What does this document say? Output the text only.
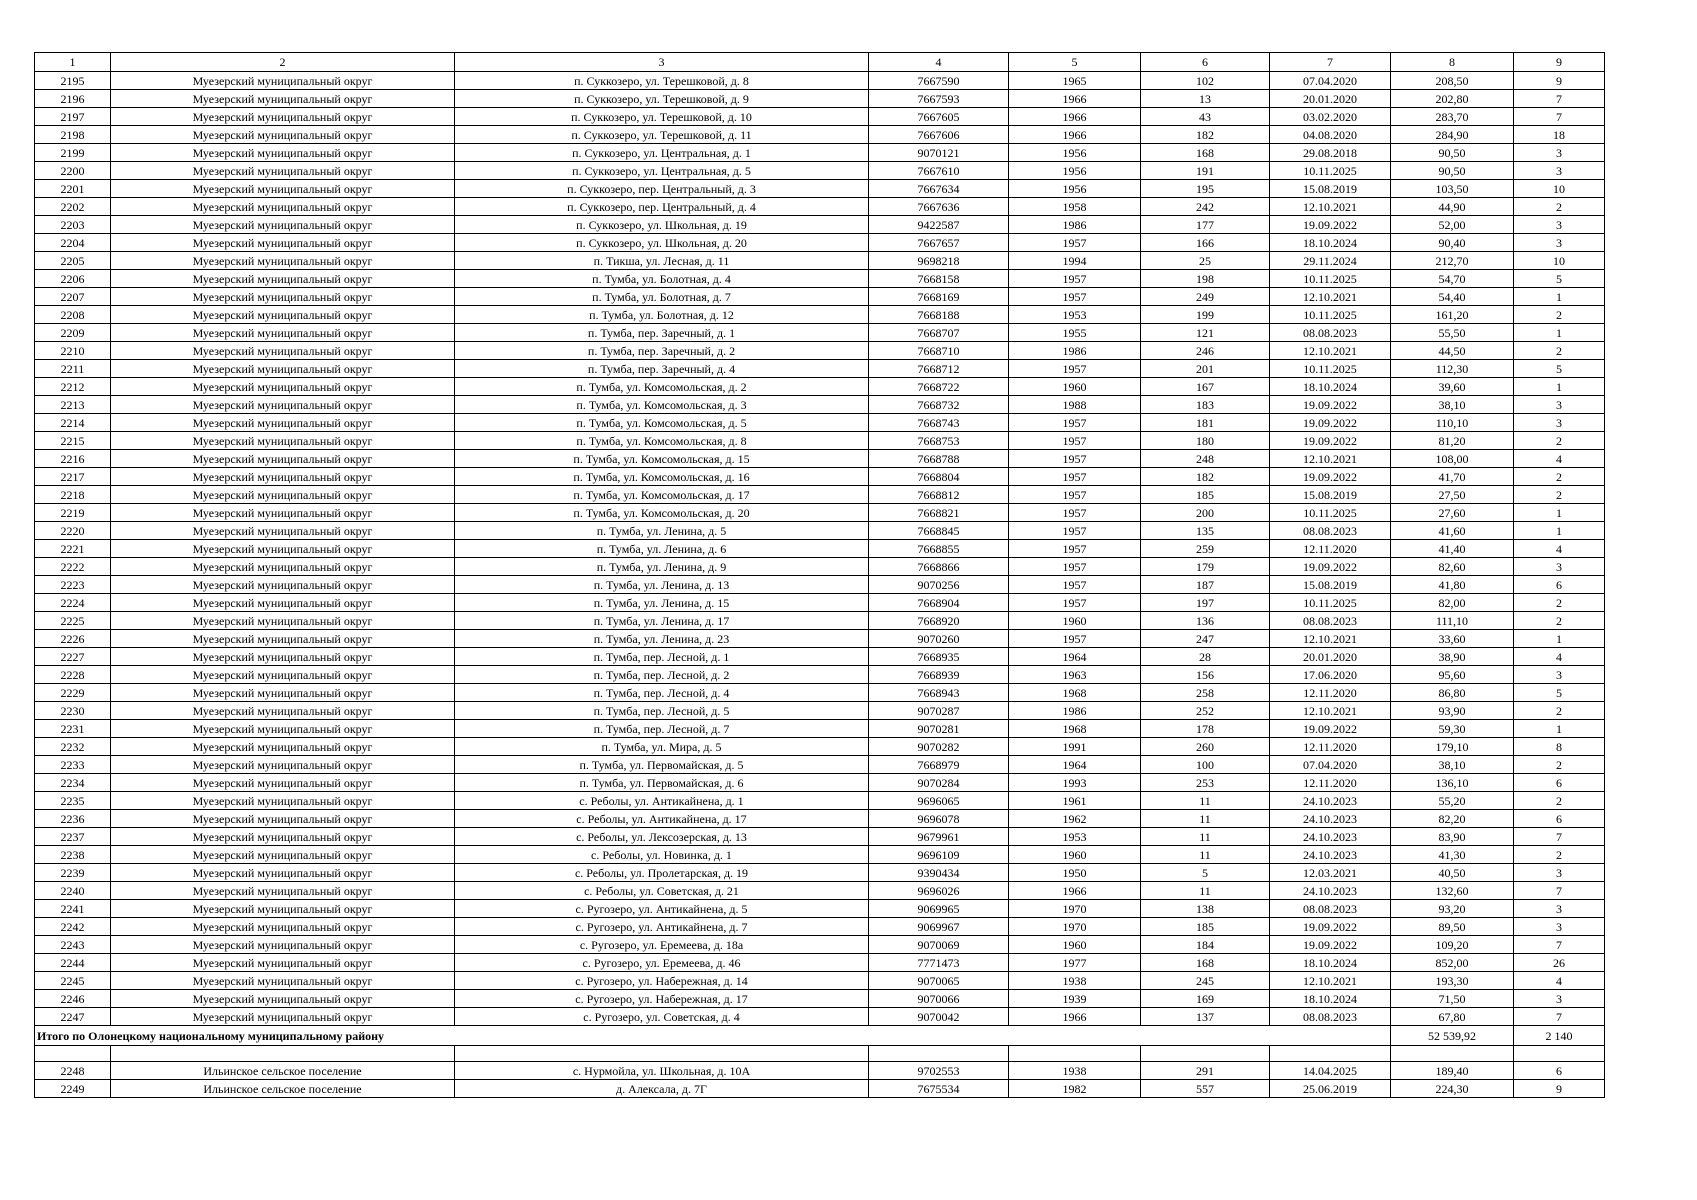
1	2	3	4	5	6	7	8	9
2195	Муезерский муниципальный округ	п. Суккозеро, ул. Терешковой, д. 8	7667590	1965	102	07.04.2020	208,50	9
2196	Муезерский муниципальный округ	п. Суккозеро, ул. Терешковой, д. 9	7667593	1966	13	20.01.2020	202,80	7
2197	Муезерский муниципальный округ	п. Суккозеро, ул. Терешковой, д. 10	7667605	1966	43	03.02.2020	283,70	7
2198	Муезерский муниципальный округ	п. Суккозеро, ул. Терешковой, д. 11	7667606	1966	182	04.08.2020	284,90	18
2199	Муезерский муниципальный округ	п. Суккозеро, ул. Центральная, д. 1	9070121	1956	168	29.08.2018	90,50	3
2200	Муезерский муниципальный округ	п. Суккозеро, ул. Центральная, д. 5	7667610	1956	191	10.11.2025	90,50	3
2201	Муезерский муниципальный округ	п. Суккозеро, пер. Центральный, д. 3	7667634	1956	195	15.08.2019	103,50	10
2202	Муезерский муниципальный округ	п. Суккозеро, пер. Центральный, д. 4	7667636	1958	242	12.10.2021	44,90	2
2203	Муезерский муниципальный округ	п. Суккозеро, ул. Школьная, д. 19	9422587	1986	177	19.09.2022	52,00	3
2204	Муезерский муниципальный округ	п. Суккозеро, ул. Школьная, д. 20	7667657	1957	166	18.10.2024	90,40	3
2205	Муезерский муниципальный округ	п. Тикша, ул. Лесная, д. 11	9698218	1994	25	29.11.2024	212,70	10
2206	Муезерский муниципальный округ	п. Тумба, ул. Болотная, д. 4	7668158	1957	198	10.11.2025	54,70	5
2207	Муезерский муниципальный округ	п. Тумба, ул. Болотная, д. 7	7668169	1957	249	12.10.2021	54,40	1
2208	Муезерский муниципальный округ	п. Тумба, ул. Болотная, д. 12	7668188	1953	199	10.11.2025	161,20	2
2209	Муезерский муниципальный округ	п. Тумба, пер. Заречный, д. 1	7668707	1955	121	08.08.2023	55,50	1
2210	Муезерский муниципальный округ	п. Тумба, пер. Заречный, д. 2	7668710	1986	246	12.10.2021	44,50	2
2211	Муезерский муниципальный округ	п. Тумба, пер. Заречный, д. 4	7668712	1957	201	10.11.2025	112,30	5
2212	Муезерский муниципальный округ	п. Тумба, ул. Комсомольская, д. 2	7668722	1960	167	18.10.2024	39,60	1
2213	Муезерский муниципальный округ	п. Тумба, ул. Комсомольская, д. 3	7668732	1988	183	19.09.2022	38,10	3
2214	Муезерский муниципальный округ	п. Тумба, ул. Комсомольская, д. 5	7668743	1957	181	19.09.2022	110,10	3
2215	Муезерский муниципальный округ	п. Тумба, ул. Комсомольская, д. 8	7668753	1957	180	19.09.2022	81,20	2
2216	Муезерский муниципальный округ	п. Тумба, ул. Комсомольская, д. 15	7668788	1957	248	12.10.2021	108,00	4
2217	Муезерский муниципальный округ	п. Тумба, ул. Комсомольская, д. 16	7668804	1957	182	19.09.2022	41,70	2
2218	Муезерский муниципальный округ	п. Тумба, ул. Комсомольская, д. 17	7668812	1957	185	15.08.2019	27,50	2
2219	Муезерский муниципальный округ	п. Тумба, ул. Комсомольская, д. 20	7668821	1957	200	10.11.2025	27,60	1
2220	Муезерский муниципальный округ	п. Тумба, ул. Ленина, д. 5	7668845	1957	135	08.08.2023	41,60	1
2221	Муезерский муниципальный округ	п. Тумба, ул. Ленина, д. 6	7668855	1957	259	12.11.2020	41,40	4
2222	Муезерский муниципальный округ	п. Тумба, ул. Ленина, д. 9	7668866	1957	179	19.09.2022	82,60	3
2223	Муезерский муниципальный округ	п. Тумба, ул. Ленина, д. 13	9070256	1957	187	15.08.2019	41,80	6
2224	Муезерский муниципальный округ	п. Тумба, ул. Ленина, д. 15	7668904	1957	197	10.11.2025	82,00	2
2225	Муезерский муниципальный округ	п. Тумба, ул. Ленина, д. 17	7668920	1960	136	08.08.2023	111,10	2
2226	Муезерский муниципальный округ	п. Тумба, ул. Ленина, д. 23	9070260	1957	247	12.10.2021	33,60	1
2227	Муезерский муниципальный округ	п. Тумба, пер. Лесной, д. 1	7668935	1964	28	20.01.2020	38,90	4
2228	Муезерский муниципальный округ	п. Тумба, пер. Лесной, д. 2	7668939	1963	156	17.06.2020	95,60	3
2229	Муезерский муниципальный округ	п. Тумба, пер. Лесной, д. 4	7668943	1968	258	12.11.2020	86,80	5
2230	Муезерский муниципальный округ	п. Тумба, пер. Лесной, д. 5	9070287	1986	252	12.10.2021	93,90	2
2231	Муезерский муниципальный округ	п. Тумба, пер. Лесной, д. 7	9070281	1968	178	19.09.2022	59,30	1
2232	Муезерский муниципальный округ	п. Тумба, ул. Мира, д. 5	9070282	1991	260	12.11.2020	179,10	8
2233	Муезерский муниципальный округ	п. Тумба, ул. Первомайская, д. 5	7668979	1964	100	07.04.2020	38,10	2
2234	Муезерский муниципальный округ	п. Тумба, ул. Первомайская, д. 6	9070284	1993	253	12.11.2020	136,10	6
2235	Муезерский муниципальный округ	с. Реболы, ул. Антикайнена, д. 1	9696065	1961	11	24.10.2023	55,20	2
2236	Муезерский муниципальный округ	с. Реболы, ул. Антикайнена, д. 17	9696078	1962	11	24.10.2023	82,20	6
2237	Муезерский муниципальный округ	с. Реболы, ул. Лексозерская, д. 13	9679961	1953	11	24.10.2023	83,90	7
2238	Муезерский муниципальный округ	с. Реболы, ул. Новинка, д. 1	9696109	1960	11	24.10.2023	41,30	2
2239	Муезерский муниципальный округ	с. Реболы, ул. Пролетарская, д. 19	9390434	1950	5	12.03.2021	40,50	3
2240	Муезерский муниципальный округ	с. Реболы, ул. Советская, д. 21	9696026	1966	11	24.10.2023	132,60	7
2241	Муезерский муниципальный округ	с. Ругозеро, ул. Антикайнена, д. 5	9069965	1970	138	08.08.2023	93,20	3
2242	Муезерский муниципальный округ	с. Ругозеро, ул. Антикайнена, д. 7	9069967	1970	185	19.09.2022	89,50	3
2243	Муезерский муниципальный округ	с. Ругозеро, ул. Еремеева, д. 18а	9070069	1960	184	19.09.2022	109,20	7
2244	Муезерский муниципальный округ	с. Ругозеро, ул. Еремеева, д. 46	7771473	1977	168	18.10.2024	852,00	26
2245	Муезерский муниципальный округ	с. Ругозеро, ул. Набережная, д. 14	9070065	1938	245	12.10.2021	193,30	4
2246	Муезерский муниципальный округ	с. Ругозеро, ул. Набережная, д. 17	9070066	1939	169	18.10.2024	71,50	3
2247	Муезерский муниципальный округ	с. Ругозеро, ул. Советская, д. 4	9070042	1966	137	08.08.2023	67,80	7
Итого по Олонецкому национальному муниципальному району							52 539,92	2 140

2248	Ильинское сельское поселение	с. Нурмойла, ул. Школьная, д. 10А	9702553	1938	291	14.04.2025	189,40	6
2249	Ильинское сельское поселение	д. Алексала, д. 7Г	7675534	1982	557	25.06.2019	224,30	9
